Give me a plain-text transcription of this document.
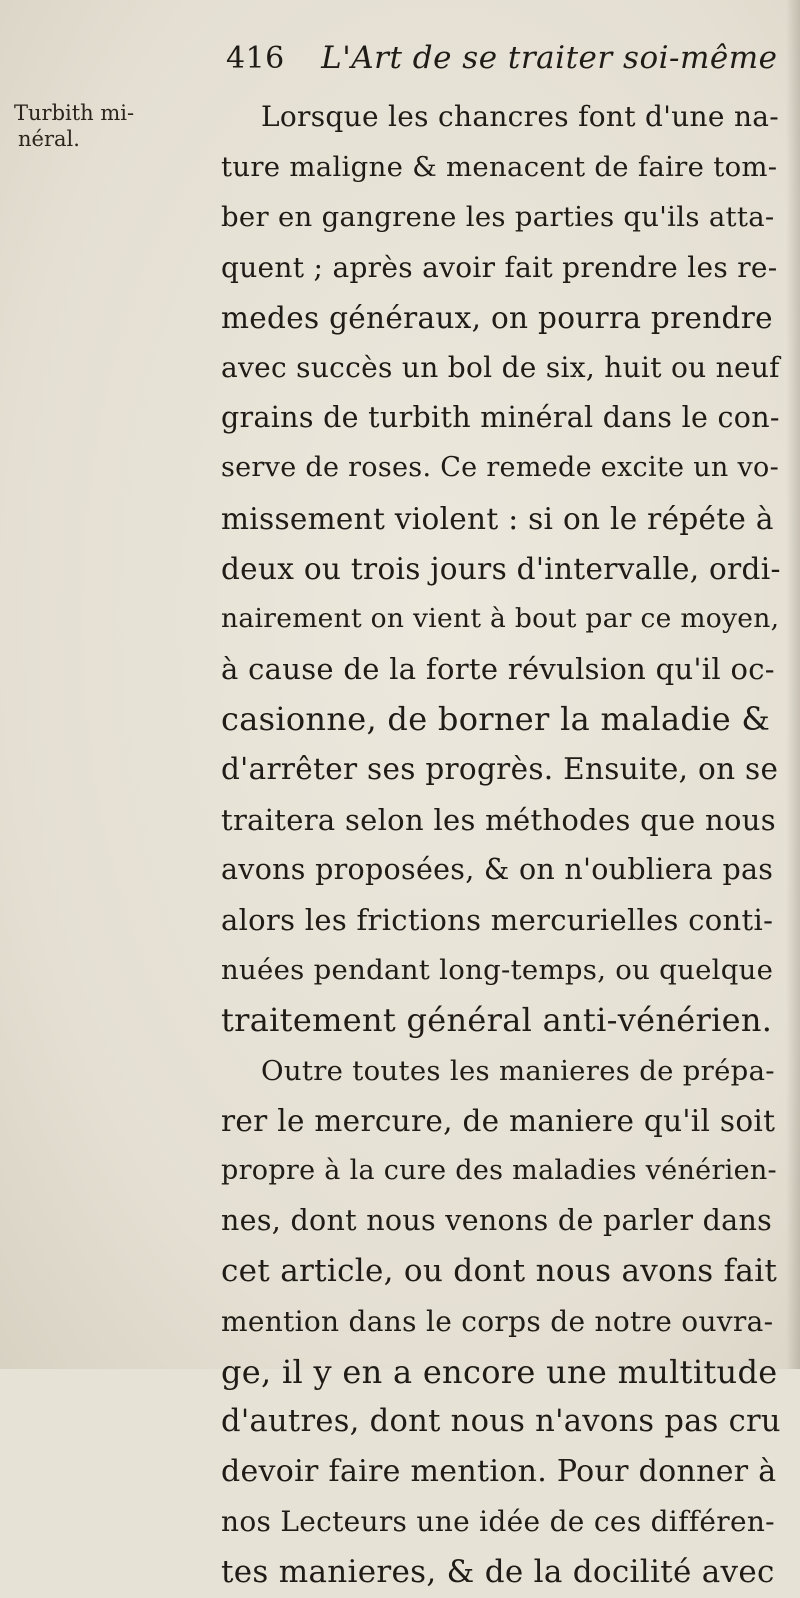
416 L'Art de se traiter soi-même
Turbith mi-
néral.
Lorsque les chancres font d'une na-
ture maligne & menacent de faire tom-
ber en gangrene les parties qu'ils atta-
quent ; après avoir fait prendre les re-
medes généraux, on pourra prendre
avec succès un bol de six, huit ou neuf
grains de turbith minéral dans le con-
serve de roses. Ce remede excite un vo-
missement violent : si on le répéte à
deux ou trois jours d'intervalle, ordi-
nairement on vient à bout par ce moyen,
à cause de la forte révulsion qu'il oc-
casionne, de borner la maladie &
d'arrêter ses progrès. Ensuite, on se
traitera selon les méthodes que nous
avons proposées, & on n'oubliera pas
alors les frictions mercurielles conti-
nuées pendant long-temps, ou quelque
traitement général anti-vénérien.
Outre toutes les manieres de prépa-
rer le mercure, de maniere qu'il soit
propre à la cure des maladies vénérien-
nes, dont nous venons de parler dans
cet article, ou dont nous avons fait
mention dans le corps de notre ouvra-
ge, il y en a encore une multitude
d'autres, dont nous n'avons pas cru
devoir faire mention. Pour donner à
nos Lecteurs une idée de ces différen-
tes manieres, & de la docilité avec
